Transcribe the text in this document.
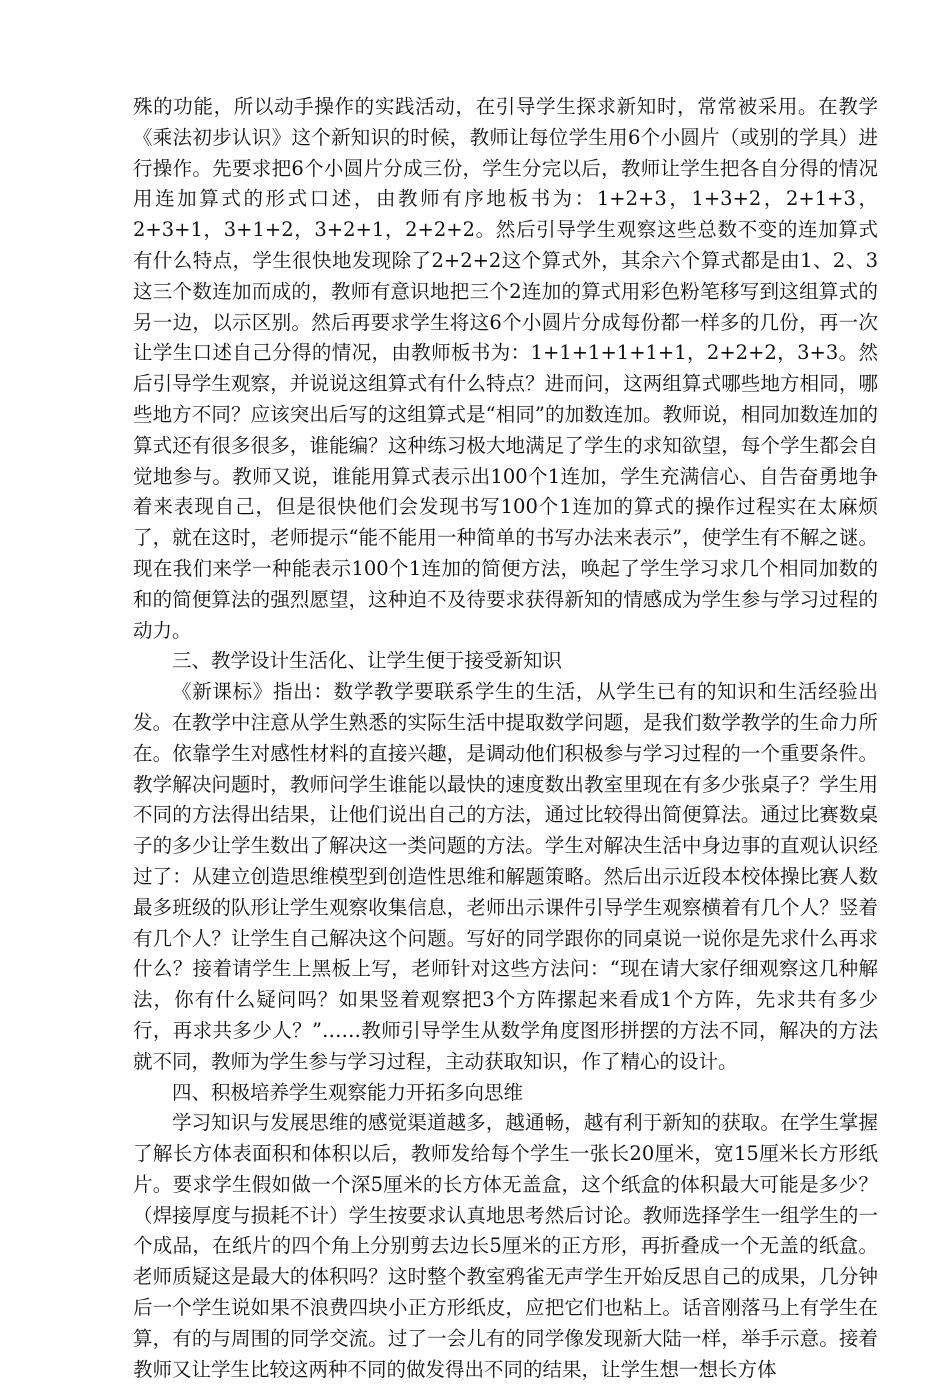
殊的功能，所以动手操作的实践活动，在引导学生探求新知时，常常被采用。在教学《乘法初步认识》这个新知识的时候，教师让每位学生用6个小圆片（或别的学具）进行操作。先要求把6个小圆片分成三份，学生分完以后，教师让学生把各自分得的情况用连加算式的形式口述，由教师有序地板书为：1+2+3，1+3+2，2+1+3，2+3+1，3+1+2，3+2+1，2+2+2。然后引导学生观察这些总数不变的连加算式有什么特点，学生很快地发现除了2+2+2这个算式外，其余六个算式都是由1、2、3这三个数连加而成的，教师有意识地把三个2连加的算式用彩色粉笔移写到这组算式的另一边，以示区别。然后再要求学生将这6个小圆片分成每份都一样多的几份，再一次让学生口述自己分得的情况，由教师板书为：1+1+1+1+1+1，2+2+2，3+3。然后引导学生观察，并说说这组算式有什么特点？进而问，这两组算式哪些地方相同，哪些地方不同？应该突出后写的这组算式是“相同”的加数连加。教师说，相同加数连加的算式还有很多很多，谁能编？这种练习极大地满足了学生的求知欲望，每个学生都会自觉地参与。教师又说，谁能用算式表示出100个1连加，学生充满信心、自告奋勇地争着来表现自己，但是很快他们会发现书写100个1连加的算式的操作过程实在太麻烦了，就在这时，老师提示“能不能用一种简单的书写办法来表示”，使学生有不解之谜。现在我们来学一种能表示100个1连加的简便方法，唤起了学生学习求几个相同加数的和的简便算法的强烈愿望，这种迫不及待要求获得新知的情感成为学生参与学习过程的动力。

三、教学设计生活化、让学生便于接受新知识

《新课标》指出：数学教学要联系学生的生活，从学生已有的知识和生活经验出发。在教学中注意从学生熟悉的实际生活中提取数学问题，是我们数学教学的生命力所在。依靠学生对感性材料的直接兴趣，是调动他们积极参与学习过程的一个重要条件。教学解决问题时，教师问学生谁能以最快的速度数出教室里现在有多少张桌子？学生用不同的方法得出结果，让他们说出自己的方法，通过比较得出简便算法。通过比赛数桌子的多少让学生数出了解决这一类问题的方法。学生对解决生活中身边事的直观认识经过了：从建立创造思维模型到创造性思维和解题策略。然后出示近段本校体操比赛人数最多班级的队形让学生观察收集信息，老师出示课件引导学生观察横着有几个人？竖着有几个人？让学生自己解决这个问题。写好的同学跟你的同桌说一说你是先求什么再求什么？接着请学生上黑板上写，老师针对这些方法问：“现在请大家仔细观察这几种解法，你有什么疑问吗？如果竖着观察把3个方阵摞起来看成1个方阵，先求共有多少行，再求共多少人？”……教师引导学生从数学角度图形拼摆的方法不同，解决的方法就不同，教师为学生参与学习过程，主动获取知识，作了精心的设计。

四、积极培养学生观察能力开拓多向思维

学习知识与发展思维的感觉渠道越多，越通畅，越有利于新知的获取。在学生掌握了解长方体表面积和体积以后，教师发给每个学生一张长20厘米，宽15厘米长方形纸片。要求学生假如做一个深5厘米的长方体无盖盒，这个纸盒的体积最大可能是多少？（焊接厚度与损耗不计）学生按要求认真地思考然后讨论。教师选择学生一组学生的一个成品，在纸片的四个角上分别剪去边长5厘米的正方形，再折叠成一个无盖的纸盒。老师质疑这是最大的体积吗？这时整个教室鸦雀无声学生开始反思自己的成果，几分钟后一个学生说如果不浪费四块小正方形纸皮，应把它们也粘上。话音刚落马上有学生在算，有的与周围的同学交流。过了一会儿有的同学像发现新大陆一样，举手示意。接着教师又让学生比较这两种不同的做发得出不同的结果，让学生想一想长方体
